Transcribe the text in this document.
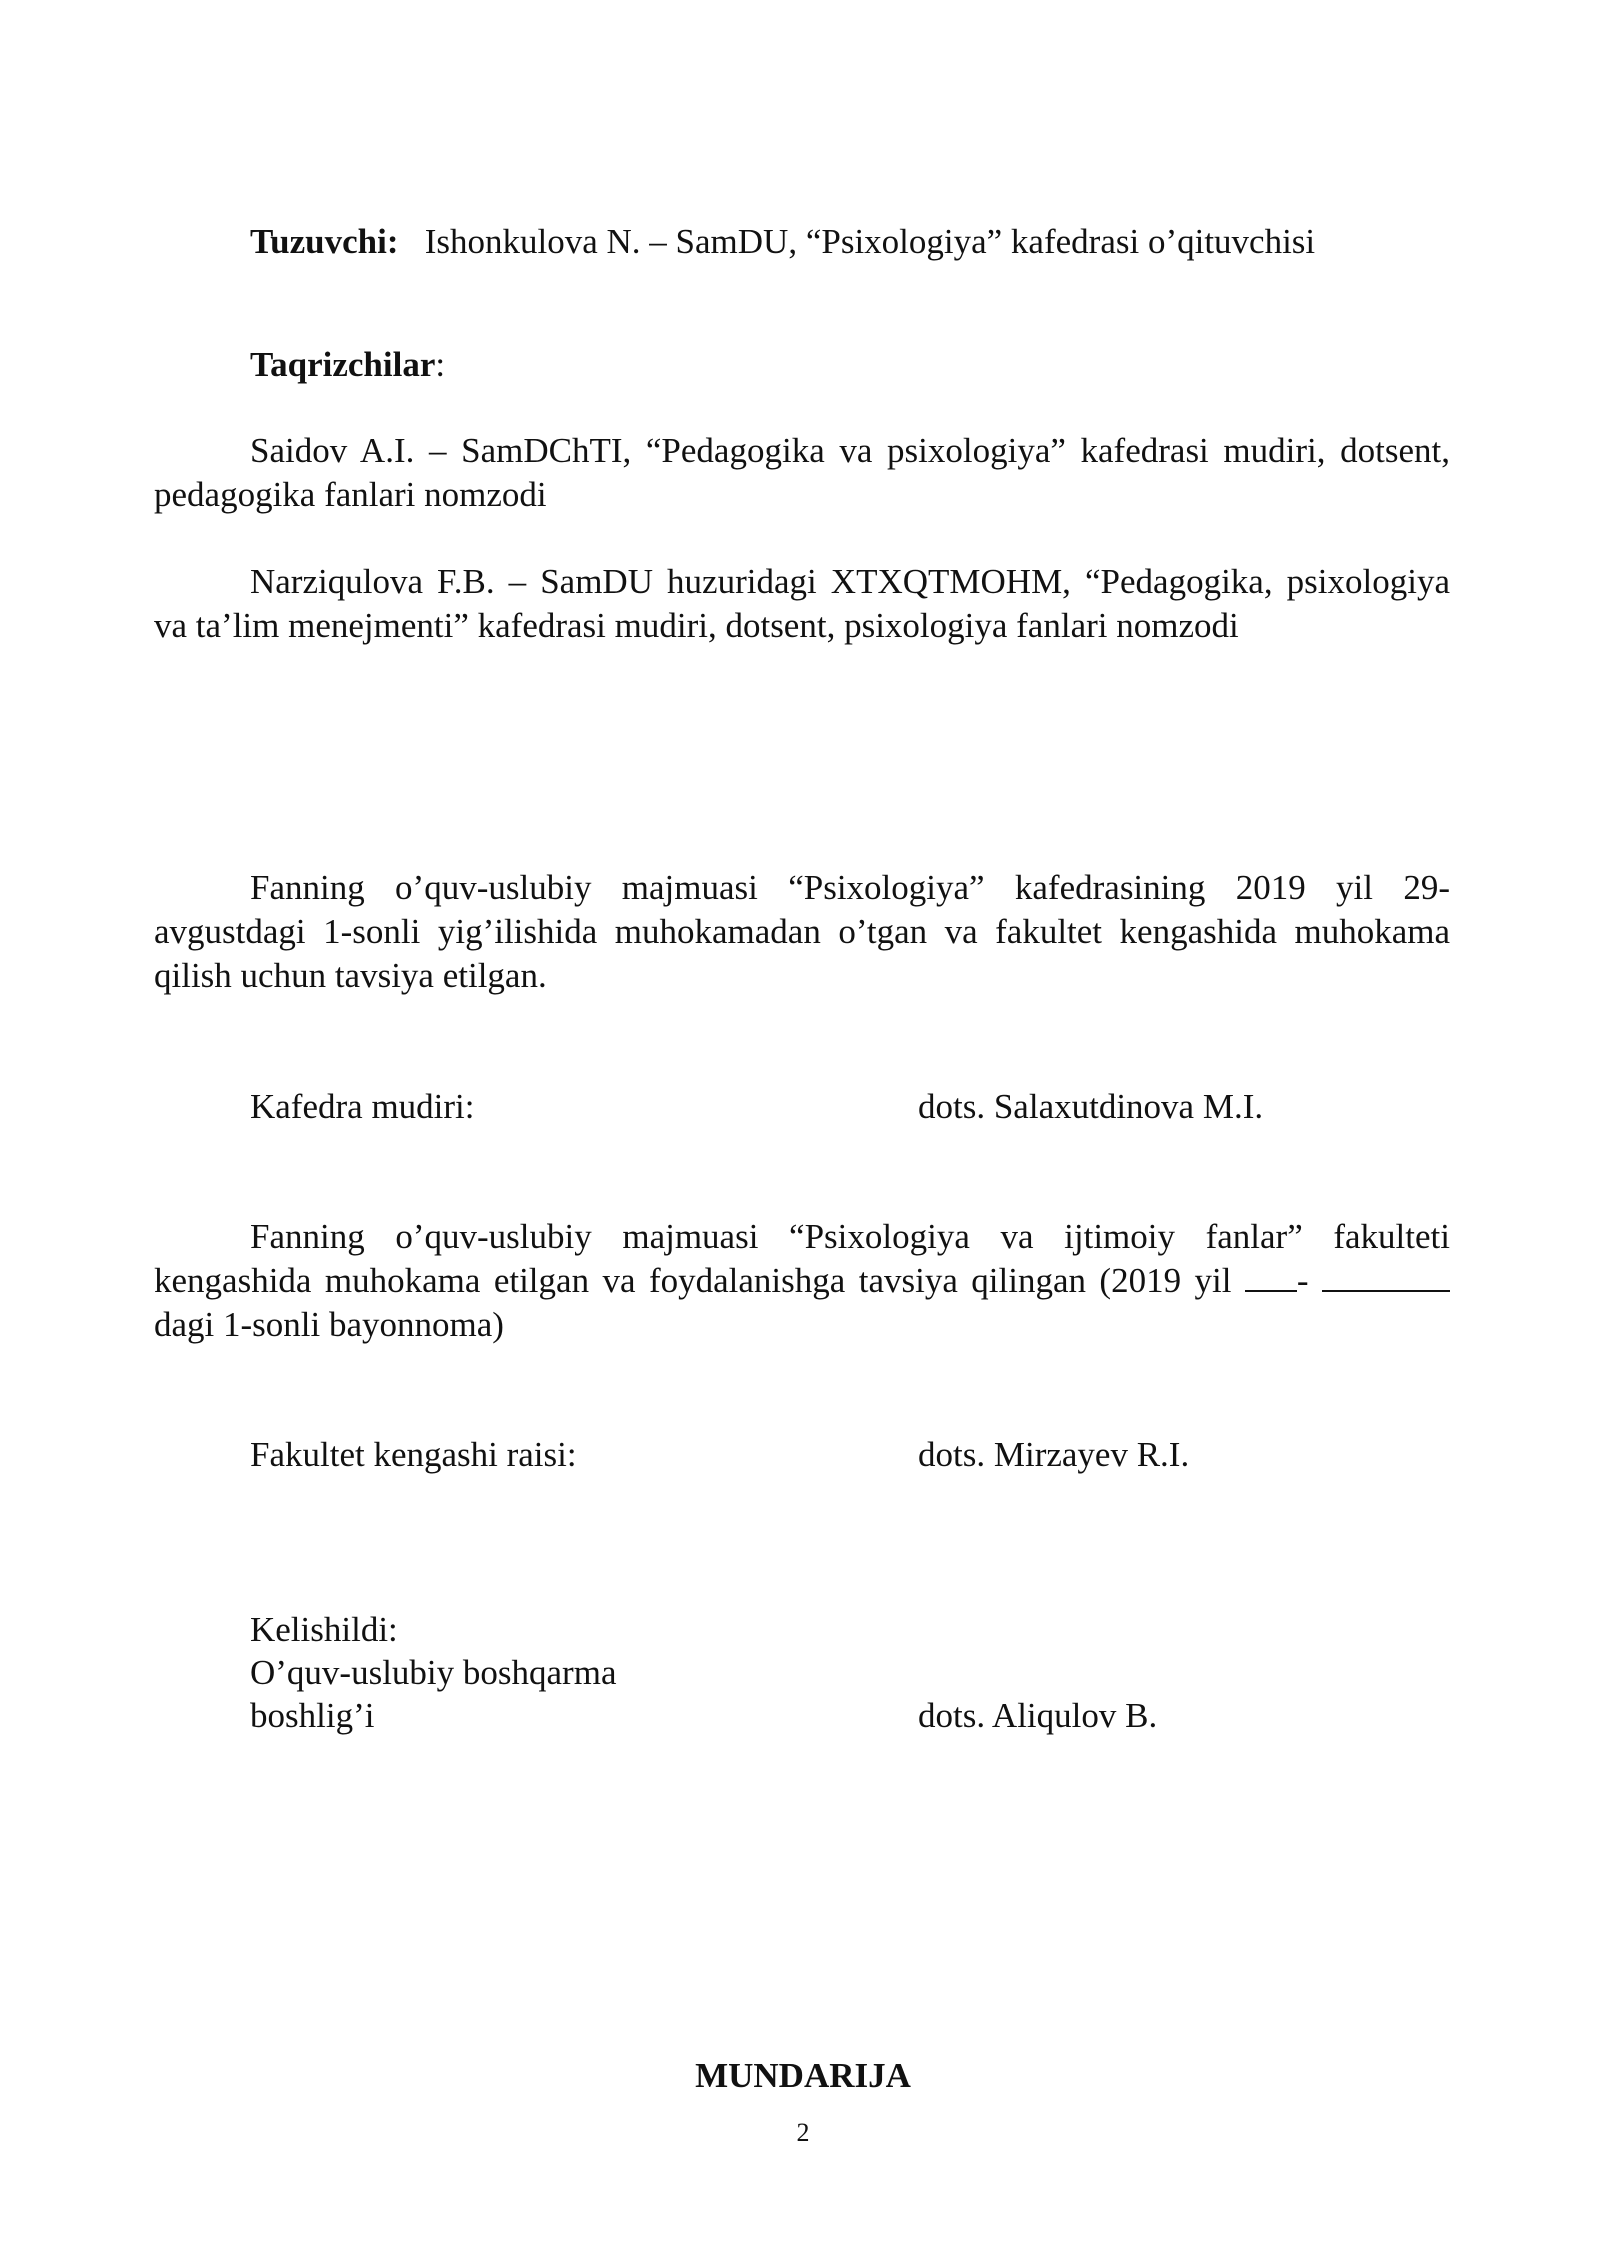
Tuzuvchi: Ishonkulova N. – SamDU, “Psixologiya” kafedrasi o’qituvchisi
Taqrizchilar:
Saidov A.I. – SamDChTI, “Pedagogika va psixologiya” kafedrasi mudiri, dotsent, pedagogika fanlari nomzodi
Narziqulova F.B. – SamDU huzuridagi XTXQTMOHM, “Pedagogika, psixologiya va ta’lim menejmenti” kafedrasi mudiri, dotsent, psixologiya fanlari nomzodi
Fanning o’quv-uslubiy majmuasi “Psixologiya” kafedrasining 2019 yil 29-avgustdagi 1-sonli yig’ilishida muhokamadan o’tgan va fakultet kengashida muhokama qilish uchun tavsiya etilgan.
Kafedra mudiri:	dots. Salaxutdinova M.I.
Fanning o’quv-uslubiy majmuasi “Psixologiya va ijtimoiy fanlar” fakulteti kengashida muhokama etilgan va foydalanishga tavsiya qilingan (2019 yil - dagi 1-sonli bayonnoma)
Fakultet kengashi raisi:	dots. Mirzayev R.I.
Kelishildi:
O’quv-uslubiy boshqarma
boshlig’i	dots. Aliqulov B.
MUNDARIJA
2
